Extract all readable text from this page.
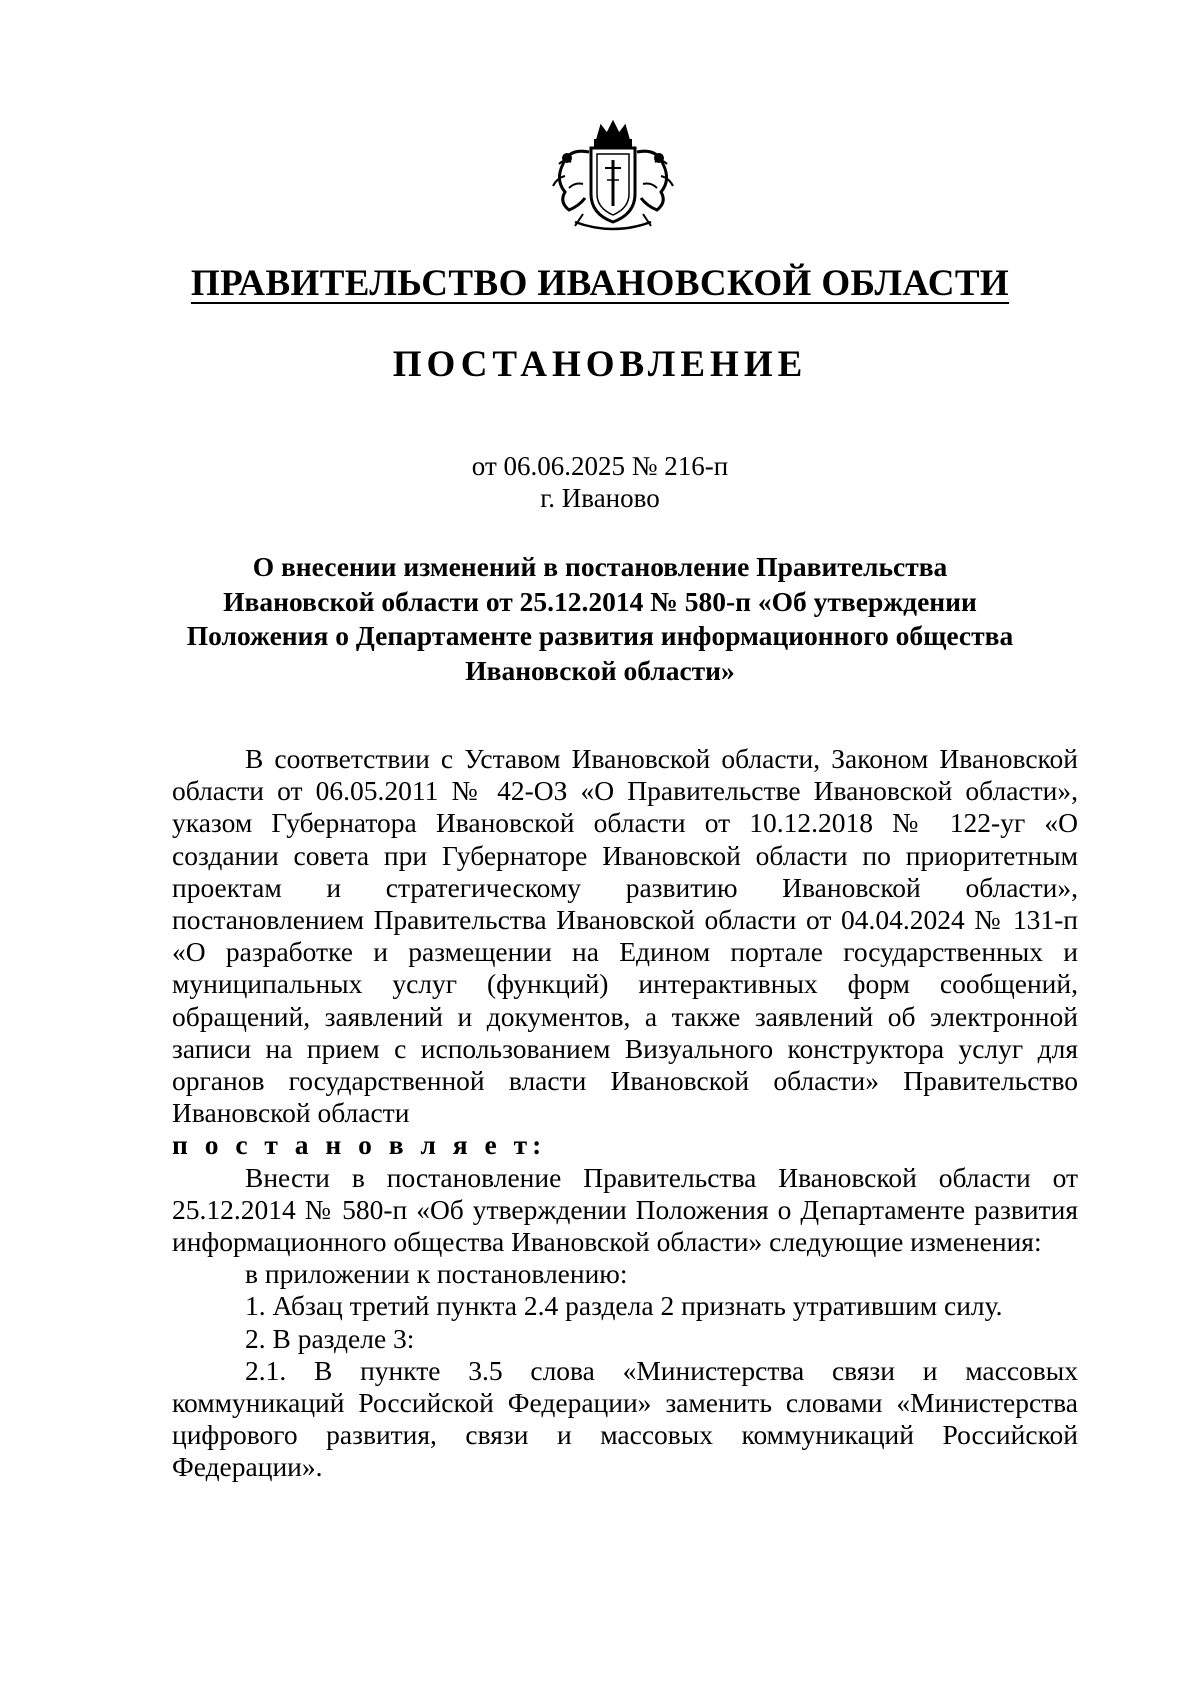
ПРАВИТЕЛЬСТВО ИВАНОВСКОЙ ОБЛАСТИ
ПОСТАНОВЛЕНИЕ
от 06.06.2025 № 216-п
г. Иваново
О внесении изменений в постановление Правительства
Ивановской области от 25.12.2014 № 580-п «Об утверждении
Положения о Департаменте развития информационного общества
Ивановской области»

В соответствии с Уставом Ивановской области, Законом Ивановской области от 06.05.2011 № 42-ОЗ «О Правительстве Ивановской области», указом Губернатора Ивановской области от 10.12.2018 № 122-уг «О создании совета при Губернаторе Ивановской области по приоритетным проектам и стратегическому развитию Ивановской области», постановлением Правительства Ивановской области от 04.04.2024 № 131-п «О разработке и размещении на Едином портале государственных и муниципальных услуг (функций) интерактивных форм сообщений, обращений, заявлений и документов, а также заявлений об электронной записи на прием с использованием Визуального конструктора услуг для органов государственной власти Ивановской области» Правительство Ивановской области

п о с т а н о в л я е т:

Внести в постановление Правительства Ивановской области от 25.12.2014 № 580-п «Об утверждении Положения о Департаменте развития информационного общества Ивановской области» следующие изменения:

в приложении к постановлению:

1. Абзац третий пункта 2.4 раздела 2 признать утратившим силу.

2. В разделе 3:

2.1. В пункте 3.5 слова «Министерства связи и массовых коммуникаций Российской Федерации» заменить словами «Министерства цифрового развития, связи и массовых коммуникаций Российской Федерации».
